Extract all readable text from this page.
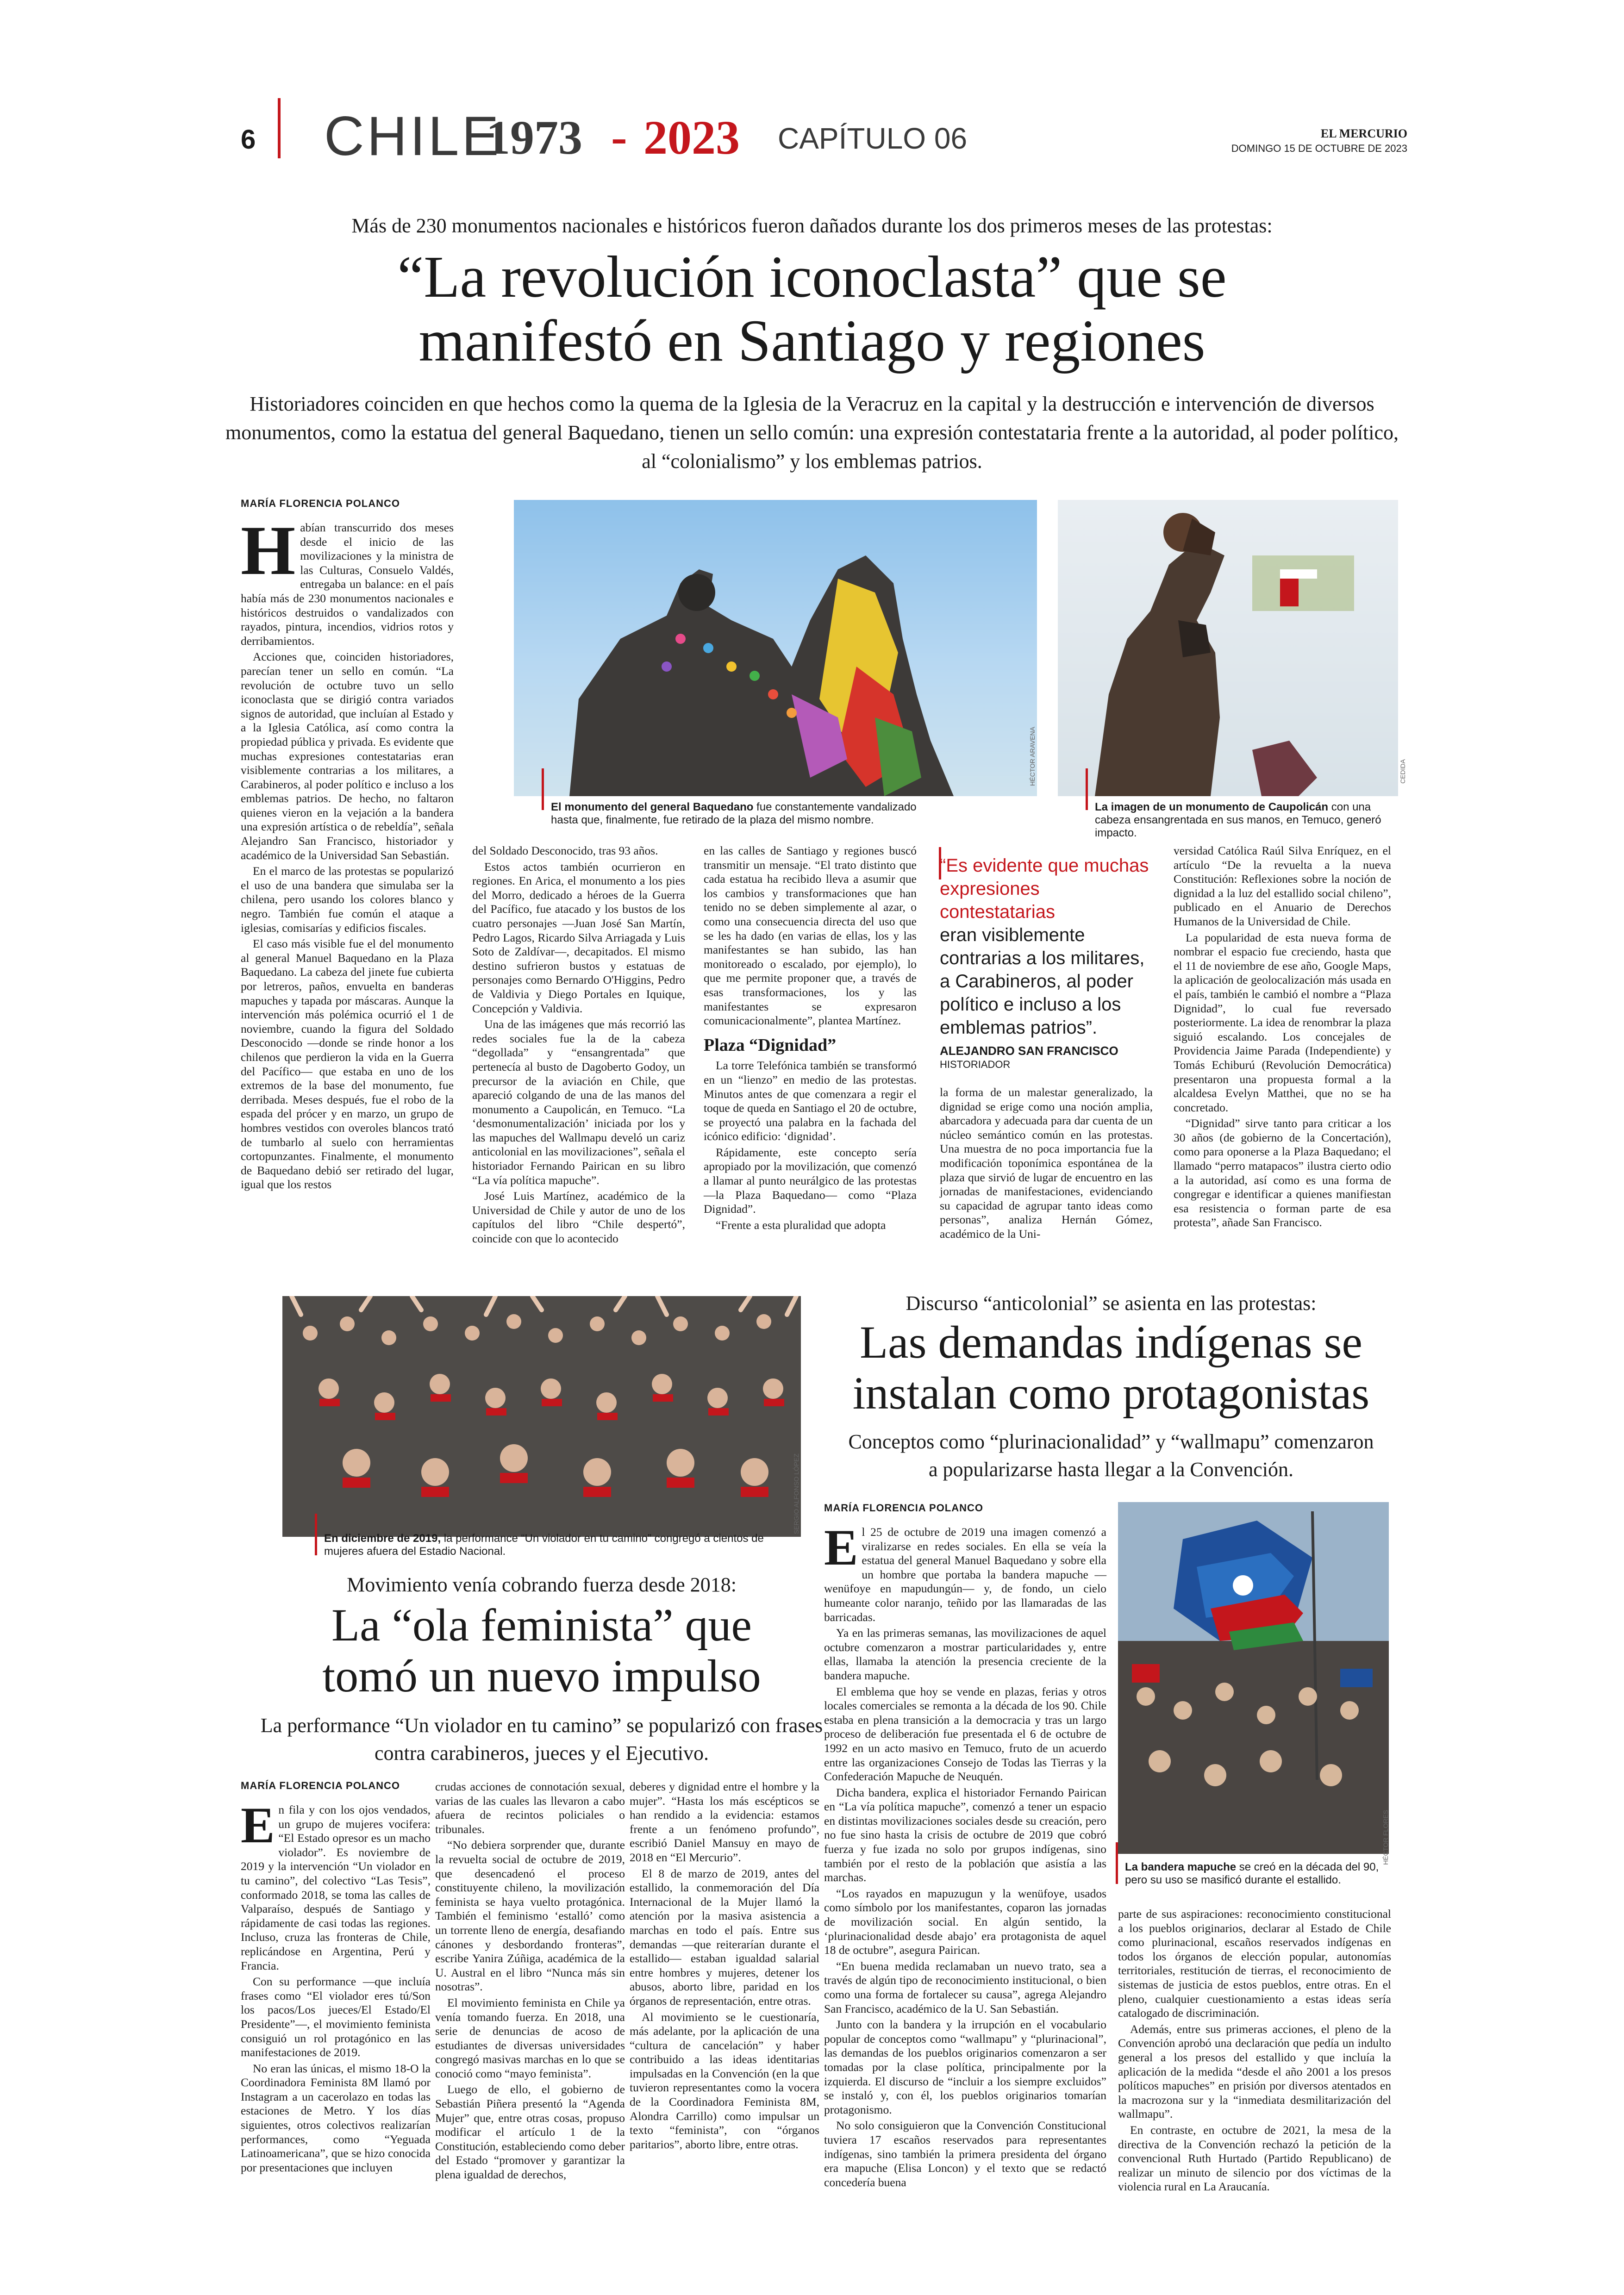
6 CHILE
1973 - 2023 CAPÍTULO 06	EL MERCURIO
DOMINGO 15 DE OCTUBRE DE 2023
Más de 230 monumentos nacionales e históricos fueron dañados durante los dos primeros meses de las protestas:
“La revolución iconoclasta” que se
manifestó en Santiago y regiones
Historiadores coinciden en que hechos como la quema de la Iglesia de la Veracruz en la capital y la destrucción e intervención de diversos monumentos, como la estatua del general Baquedano, tienen un sello común: una expresión contestataria frente a la autoridad, al poder político, al “colonialismo” y los emblemas patrios.
MARÍA FLORENCIA POLANCO

Habían transcurrido dos meses desde el inicio de las movilizaciones y la ministra de las Culturas, Consuelo Valdés, entregaba un balance: en el país había más de 230 monumentos nacionales e históricos destruidos o vandalizados con rayados, pintura, incendios, vidrios rotos y derribamientos.

Acciones que, coinciden historiadores, parecían tener un sello en común. “La revolución de octubre tuvo un sello iconoclasta que se dirigió contra variados signos de autoridad, que incluían al Estado y a la Iglesia Católica, así como contra la propiedad pública y privada. Es evidente que muchas expresiones contestatarias eran visiblemente contrarias a los militares, a Carabineros, al poder político e incluso a los emblemas patrios. De hecho, no faltaron quienes vieron en la vejación a la bandera una expresión artística o de rebeldía”, señala Alejandro San Francisco, historiador y académico de la Universidad San Sebastián.

En el marco de las protestas se popularizó el uso de una bandera que simulaba ser la chilena, pero usando los colores blanco y negro. También fue común el ataque a iglesias, comisarías y edificios fiscales.

El caso más visible fue el del monumento al general Manuel Baquedano en la Plaza Baquedano. La cabeza del jinete fue cubierta por letreros, paños, envuelta en banderas mapuches y tapada por máscaras. Aunque la intervención más polémica ocurrió el 1 de noviembre, cuando la figura del Soldado Desconocido —donde se rinde honor a los chilenos que perdieron la vida en la Guerra del Pacífico— que estaba en uno de los extremos de la base del monumento, fue derribada. Meses después, fue el robo de la espada del prócer y en marzo, un grupo de hombres vestidos con overoles blancos trató de tumbarlo al suelo con herramientas cortopunzantes. Finalmente, el monumento de Baquedano debió ser retirado del lugar, igual que los restos

HÉCTOR ARAVENA
El monumento del general Baquedano fue constantemente vandalizado hasta que, finalmente, fue retirado de la plaza del mismo nombre.
CEDIDA
La imagen de un monumento de Caupolicán con una cabeza ensangrentada en sus manos, en Temuco, generó impacto.

del Soldado Desconocido, tras 93 años.

Estos actos también ocurrieron en regiones. En Arica, el monumento a los pies del Morro, dedicado a héroes de la Guerra del Pacífico, fue atacado y los bustos de los cuatro personajes —Juan José San Martín, Pedro Lagos, Ricardo Silva Arriagada y Luis Soto de Zaldívar—, decapitados. El mismo destino sufrieron bustos y estatuas de personajes como Bernardo O'Higgins, Pedro de Valdivia y Diego Portales en Iquique, Concepción y Valdivia.

Una de las imágenes que más recorrió las redes sociales fue la de la cabeza “degollada” y “ensangrentada” que pertenecía al busto de Dagoberto Godoy, un precursor de la aviación en Chile, que apareció colgando de una de las manos del monumento a Caupolicán, en Temuco. “La ‘desmonumentalización’ iniciada por los y las mapuches del Wallmapu develó un cariz anticolonial en las movilizaciones”, señala el historiador Fernando Pairican en su libro “La vía política mapuche”.

José Luis Martínez, académico de la Universidad de Chile y autor de uno de los capítulos del libro “Chile despertó”, coincide con que lo acontecido

en las calles de Santiago y regiones buscó transmitir un mensaje. “El trato distinto que cada estatua ha recibido lleva a asumir que los cambios y transformaciones que han tenido no se deben simplemente al azar, o como una consecuencia directa del uso que se les ha dado (en varias de ellas, los y las manifestantes se han subido, las han monitoreado o escalado, por ejemplo), lo que me permite proponer que, a través de esas transformaciones, los y las manifestantes se expresaron comunicacionalmente”, plantea Martínez.

Plaza “Dignidad”

La torre Telefónica también se transformó en un “lienzo” en medio de las protestas. Minutos antes de que comenzara a regir el toque de queda en Santiago el 20 de octubre, se proyectó una palabra en la fachada del icónico edificio: ‘dignidad’.

Rápidamente, este concepto sería apropiado por la movilización, que comenzó a llamar al punto neurálgico de las protestas —la Plaza Baquedano— como “Plaza Dignidad”.

“Frente a esta pluralidad que adopta

“Es evidente que muchas expresiones contestatarias
eran visiblemente contrarias a los militares, a Carabineros, al poder político e incluso a los emblemas patrios”.
ALEJANDRO SAN FRANCISCO
HISTORIADOR

la forma de un malestar generalizado, la dignidad se erige como una noción amplia, abarcadora y adecuada para dar cuenta de un núcleo semántico común en las protestas. Una muestra de no poca importancia fue la modificación toponímica espontánea de la plaza que sirvió de lugar de encuentro en las jornadas de manifestaciones, evidenciando su capacidad de agrupar tanto ideas como personas”, analiza Hernán Gómez, académico de la Uni-

versidad Católica Raúl Silva Enríquez, en el artículo “De la revuelta a la nueva Constitución: Reflexiones sobre la noción de dignidad a la luz del estallido social chileno”, publicado en el Anuario de Derechos Humanos de la Universidad de Chile.

La popularidad de esta nueva forma de nombrar el espacio fue creciendo, hasta que el 11 de noviembre de ese año, Google Maps, la aplicación de geolocalización más usada en el país, también le cambió el nombre a “Plaza Dignidad”, lo cual fue reversado posteriormente. La idea de renombrar la plaza siguió escalando. Los concejales de Providencia Jaime Parada (Independiente) y Tomás Echiburú (Revolución Democrática) presentaron una propuesta formal a la alcaldesa Evelyn Matthei, que no se ha concretado.

“Dignidad” sirve tanto para criticar a los 30 años (de gobierno de la Concertación), como para oponerse a la Plaza Baquedano; el llamado “perro matapacos” ilustra cierto odio a la autoridad, así como es una forma de congregar e identificar a quienes manifiestan esa resistencia o forman parte de esa protesta”, añade San Francisco.

SERGIO ALFONSO LÓPEZ
En diciembre de 2019, la performance “Un violador en tu camino” congregó a cientos de mujeres afuera del Estadio Nacional.
Movimiento venía cobrando fuerza desde 2018:
La “ola feminista” que
tomó un nuevo impulso
La performance “Un violador en tu camino” se popularizó con frases contra carabineros, jueces y el Ejecutivo.
MARÍA FLORENCIA POLANCO

En fila y con los ojos vendados, un grupo de mujeres vociferа: “El Estado opresor es un macho violador”. Es noviembre de 2019 y la intervención “Un violador en tu camino”, del colectivo “Las Tesis”, conformado 2018, se toma las calles de Valparaíso, después de Santiago y rápidamente de casi todas las regiones. Incluso, cruza las fronteras de Chile, replicándose en Argentina, Perú y Francia.

Con su performance —que incluía frases como “El violador eres tú/Son los pacos/Los jueces/El Estado/El Presidente”—, el movimiento feminista consiguió un rol protagónico en las manifestaciones de 2019.

No eran las únicas, el mismo 18-O la Coordinadora Feminista 8M llamó por Instagram a un cacerolazo en todas las estaciones de Metro. Y los días siguientes, otros colectivos realizarían performances, como “Yeguada Latinoamericana”, que se hizo conocida por presentaciones que incluyen

crudas acciones de connotación sexual, varias de las cuales las llevaron a cabo afuera de recintos policiales o tribunales.

“No debiera sorprender que, durante la revuelta social de octubre de 2019, que desencadenó el proceso constituyente chileno, la movilización feminista se haya vuelto protagónica. También el feminismo ‘estalló’ como un torrente lleno de energía, desafiando cánones y desbordando fronteras”, escribe Yanira Zúñiga, académica de la U. Austral en el libro “Nunca más sin nosotras”.

El movimiento feminista en Chile ya venía tomando fuerza. En 2018, una serie de denuncias de acoso de estudiantes de diversas universidades congregó masivas marchas en lo que se conoció como “mayo feminista”.

Luego de ello, el gobierno de Sebastián Piñera presentó la “Agenda Mujer” que, entre otras cosas, propuso modificar el artículo 1 de la Constitución, estableciendo como deber del Estado “promover y garantizar la plena igualdad de derechos,

deberes y dignidad entre el hombre y la mujer”. “Hasta los más escépticos se han rendido a la evidencia: estamos frente a un fenómeno profundo”, escribió Daniel Mansuy en mayo de 2018 en “El Mercurio”.

El 8 de marzo de 2019, antes del estallido, la conmemoración del Día Internacional de la Mujer llamó la atención por la masiva asistencia a marchas en todo el país. Entre sus demandas —que reiterarían durante el estallido— estaban igualdad salarial entre hombres y mujeres, detener los abusos, aborto libre, paridad en los órganos de representación, entre otras.

Al movimiento se le cuestionaría, más adelante, por la aplicación de una “cultura de cancelación” y haber contribuido a las ideas identitarias impulsadas en la Convención (en la que tuvieron representantes como la vocera de la Coordinadora Feminista 8M, Alondra Carrillo) como impulsar un texto “feminista”, con “órganos paritarios”, aborto libre, entre otras.

Discurso “anticolonial” se asienta en las protestas:
Las demandas indígenas se
instalan como protagonistas
Conceptos como “plurinacionalidad” y “wallmapu” comenzaron a popularizarse hasta llegar a la Convención.
MARÍA FLORENCIA POLANCO

El 25 de octubre de 2019 una imagen comenzó a viralizarse en redes sociales. En ella se veía la estatua del general Manuel Baquedano y sobre ella un hombre que portaba la bandera mapuche —wenüfoye en mapudungún— y, de fondo, un cielo humeante color naranjo, teñido por las llamaradas de las barricadas.

Ya en las primeras semanas, las movilizaciones de aquel octubre comenzaron a mostrar particularidades y, entre ellas, llamaba la atención la presencia creciente de la bandera mapuche.

El emblema que hoy se vende en plazas, ferias y otros locales comerciales se remonta a la década de los 90. Chile estaba en plena transición a la democracia y tras un largo proceso de deliberación fue presentada el 6 de octubre de 1992 en un acto masivo en Temuco, fruto de un acuerdo entre las organizaciones Consejo de Todas las Tierras y la Confederación Mapuche de Neuquén.

Dicha bandera, explica el historiador Fernando Pairican en “La vía política mapuche”, comenzó a tener un espacio en distintas movilizaciones sociales desde su creación, pero no fue sino hasta la crisis de octubre de 2019 que cobró fuerza y fue izada no solo por grupos indígenas, sino también por el resto de la población que asistía a las marchas.

“Los rayados en mapuzugun y la wenüfoye, usados como símbolo por los manifestantes, coparon las jornadas de movilización social. En algún sentido, la ‘plurinacionalidad desde abajo’ era protagonista de aquel 18 de octubre”, asegura Pairican.

“En buena medida reclamaban un nuevo trato, sea a través de algún tipo de reconocimiento institucional, o bien como una forma de fortalecer su causa”, agrega Alejandro San Francisco, académico de la U. San Sebastián.

Junto con la bandera y la irrupción en el vocabulario popular de conceptos como “wallmapu” y “plurinacional”, las demandas de los pueblos originarios comenzaron a ser tomadas por la clase política, principalmente por la izquierda. El discurso de “incluir a los siempre excluidos” se instaló y, con él, los pueblos originarios tomarían protagonismo.

No solo consiguieron que la Convención Constitucional tuviera 17 escaños reservados para representantes indígenas, sino también la primera presidenta del órgano era mapuche (Elisa Loncon) y el texto que se redactó concedería buena

HÉCTOR FLORES
La bandera mapuche se creó en la década del 90, pero su uso se masificó durante el estallido.

parte de sus aspiraciones: reconocimiento constitucional a los pueblos originarios, declarar al Estado de Chile como plurinacional, escaños reservados indígenas en todos los órganos de elección popular, autonomías territoriales, restitución de tierras, el reconocimiento de sistemas de justicia de estos pueblos, entre otras. En el pleno, cualquier cuestionamiento a estas ideas sería catalogado de discriminación.

Además, entre sus primeras acciones, el pleno de la Convención aprobó una declaración que pedía un indulto general a los presos del estallido y que incluía la aplicación de la medida “desde el año 2001 a los presos políticos mapuches” en prisión por diversos atentados en la macrozona sur y la “inmediata desmilitarización del wallmapu”.

En contraste, en octubre de 2021, la mesa de la directiva de la Convención rechazó la petición de la convencional Ruth Hurtado (Partido Republicano) de realizar un minuto de silencio por dos víctimas de la violencia rural en La Araucanía.
